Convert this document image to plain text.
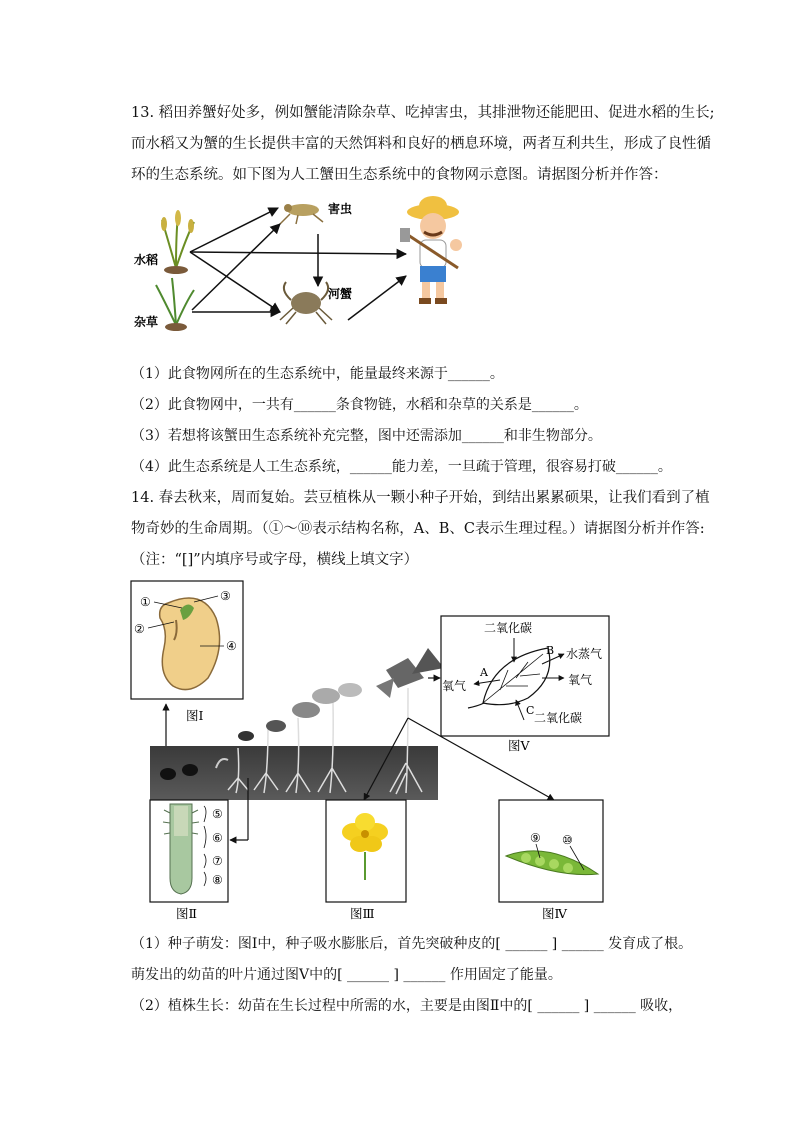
13. 稻田养蟹好处多，例如蟹能清除杂草、吃掉害虫，其排泄物还能肥田、促进水稻的生长;
而水稻又为蟹的生长提供丰富的天然饵料和良好的栖息环境，两者互利共生，形成了良性循
环的生态系统。如下图为人工蟹田生态系统中的食物网示意图。请据图分析并作答：
水稻
杂草
害虫
河蟹
（1）此食物网所在的生态系统中，能量最终来源于______。
（2）此食物网中，一共有______条食物链，水稻和杂草的关系是______。
（3）若想将该蟹田生态系统补充完整，图中还需添加______和非生物部分。
（4）此生态系统是人工生态系统，______能力差，一旦疏于管理，很容易打破______。
14. 春去秋来，周而复始。芸豆植株从一颗小种子开始，到结出累累硕果，让我们看到了植
物奇妙的生命周期。（①～⑩表示结构名称，A、B、C表示生理过程。）请据图分析并作答:
（注：“[]”内填序号或字母，横线上填文字）
①
②
③
④
图Ⅰ
二氧化碳
水蒸气
B
氧气
氧气
A
二氧化碳
C
图Ⅴ
⑤
⑥
⑦
⑧
图Ⅱ	图Ⅲ
⑨ ⑩
图Ⅳ
（1）种子萌发：图Ⅰ中，种子吸水膨胀后，首先突破种皮的[ ______ ] ______ 发育成了根。
萌发出的幼苗的叶片通过图Ⅴ中的[ ______ ] ______ 作用固定了能量。
（2）植株生长：幼苗在生长过程中所需的水，主要是由图Ⅱ中的[ ______ ] ______ 吸收，
